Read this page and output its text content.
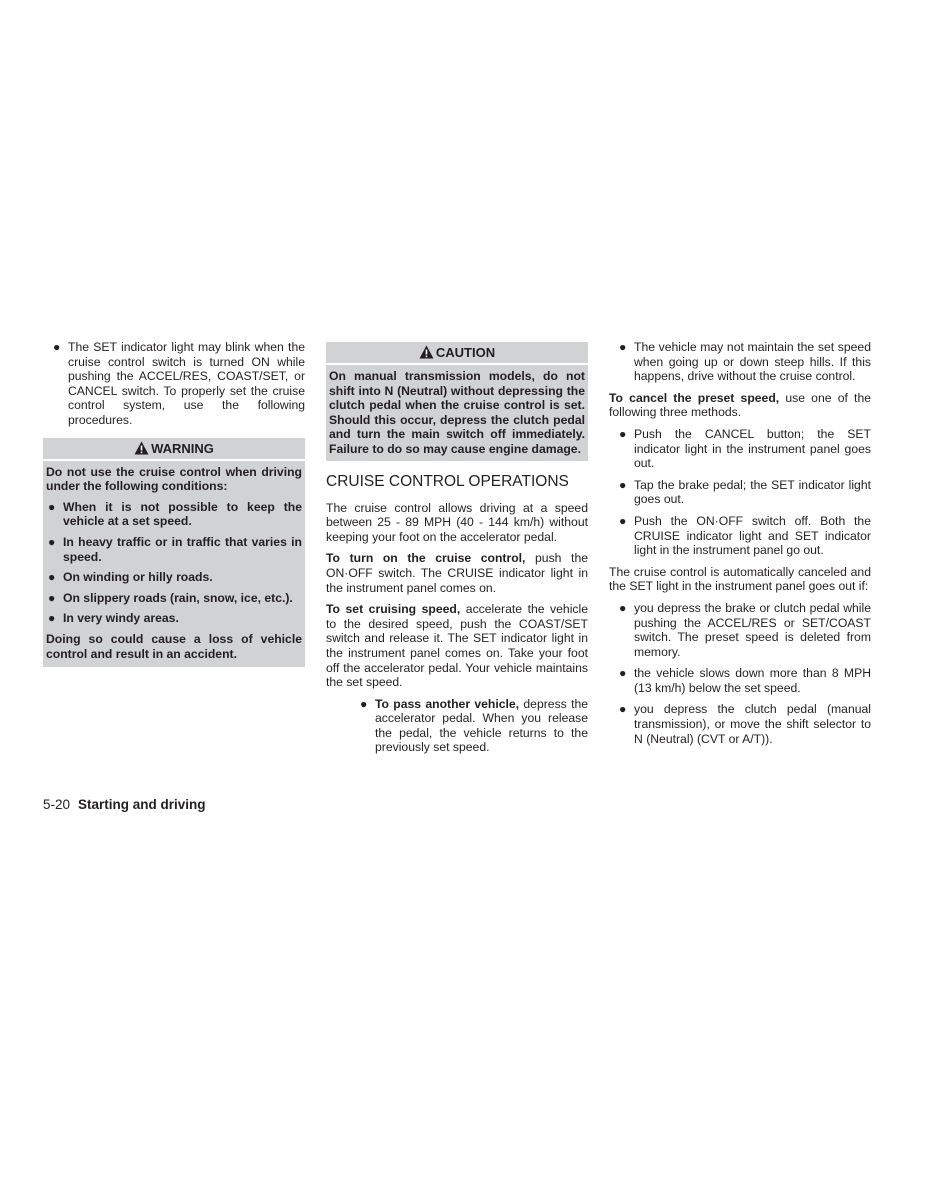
● The SET indicator light may blink when the cruise control switch is turned ON while pushing the ACCEL/RES, COAST/SET, or CANCEL switch. To properly set the cruise control system, use the following procedures.
WARNING

Do not use the cruise control when driving under the following conditions:

● When it is not possible to keep the vehicle at a set speed.
● In heavy traffic or in traffic that varies in speed.
● On winding or hilly roads.
● On slippery roads (rain, snow, ice, etc.).
● In very windy areas.

Doing so could cause a loss of vehicle control and result in an accident.

CAUTION

On manual transmission models, do not shift into N (Neutral) without depressing the clutch pedal when the cruise control is set. Should this occur, depress the clutch pedal and turn the main switch off immediately. Failure to do so may cause engine damage.

CRUISE CONTROL OPERATIONS

The cruise control allows driving at a speed between 25 - 89 MPH (40 - 144 km/h) without keeping your foot on the accelerator pedal.

To turn on the cruise control, push the ON·OFF switch. The CRUISE indicator light in the instrument panel comes on.

To set cruising speed, accelerate the vehicle to the desired speed, push the COAST/SET switch and release it. The SET indicator light in the instrument panel comes on. Take your foot off the accelerator pedal. Your vehicle maintains the set speed.

● To pass another vehicle, depress the accelerator pedal. When you release the pedal, the vehicle returns to the previously set speed.
● The vehicle may not maintain the set speed when going up or down steep hills. If this happens, drive without the cruise control.

To cancel the preset speed, use one of the following three methods.

● Push the CANCEL button; the SET indicator light in the instrument panel goes out.
● Tap the brake pedal; the SET indicator light goes out.
● Push the ON·OFF switch off. Both the CRUISE indicator light and SET indicator light in the instrument panel go out.

The cruise control is automatically canceled and the SET light in the instrument panel goes out if:

● you depress the brake or clutch pedal while pushing the ACCEL/RES or SET/COAST switch. The preset speed is deleted from memory.
● the vehicle slows down more than 8 MPH (13 km/h) below the set speed.
● you depress the clutch pedal (manual transmission), or move the shift selector to N (Neutral) (CVT or A/T)).
5-20 Starting and driving
